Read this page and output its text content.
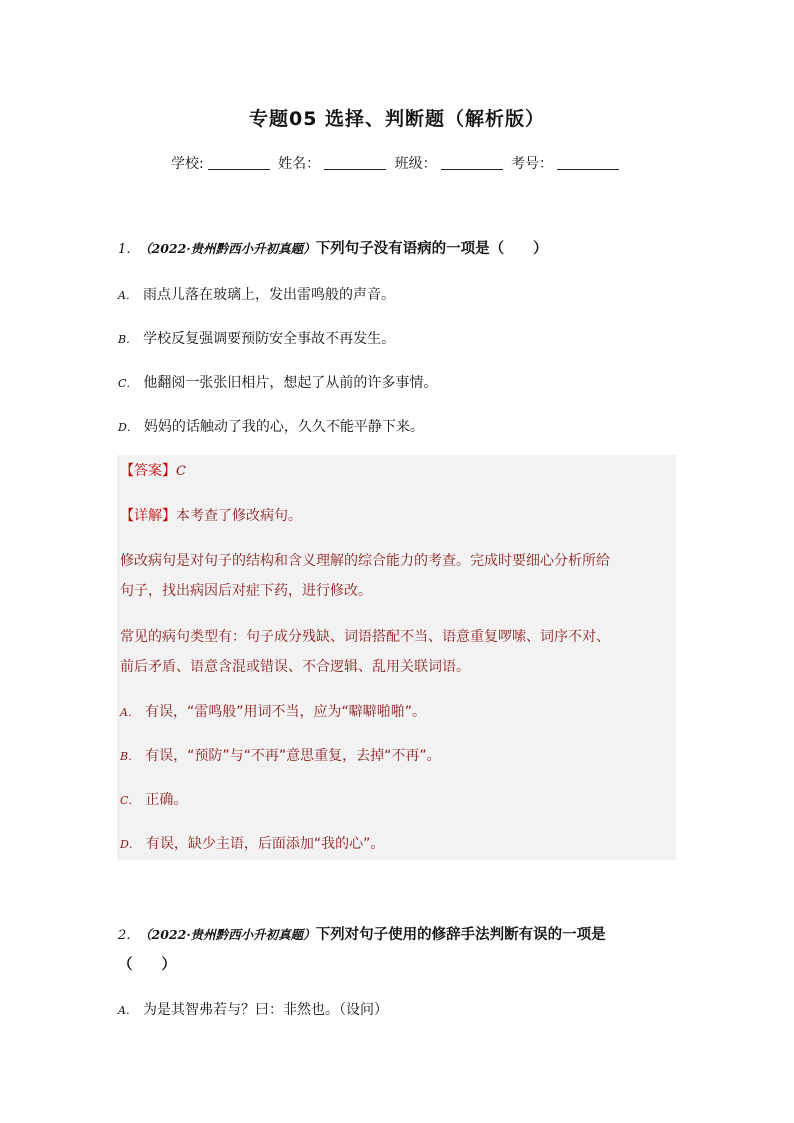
专题05 选择、判断题（解析版）
学校:	姓名：	班级：	考号：
1． （2022·贵州黔西小升初真题）下列句子没有语病的一项是（　　）
A． 雨点儿落在玻璃上，发出雷鸣般的声音。
B． 学校反复强调要预防安全事故不再发生。
C． 他翻阅一张张旧相片，想起了从前的许多事情。
D． 妈妈的话触动了我的心，久久不能平静下来。
【答案】C
【详解】本考查了修改病句。
修改病句是对句子的结构和含义理解的综合能力的考查。完成时要细心分析所给
句子，找出病因后对症下药，进行修改。
常见的病句类型有：句子成分残缺、词语搭配不当、语意重复啰嗦、词序不对、
前后矛盾、语意含混或错误、不合逻辑、乱用关联词语。
A． 有误，“雷鸣般”用词不当，应为“噼噼啪啪”。
B． 有误，“预防”与“不再”意思重复，去掉“不再”。
C． 正确。
D． 有误，缺少主语，后面添加“我的心”。
2． （2022·贵州黔西小升初真题）下列对句子使用的修辞手法判断有误的一项是
（　　）
A． 为是其智弗若与？曰：非然也。（设问）
